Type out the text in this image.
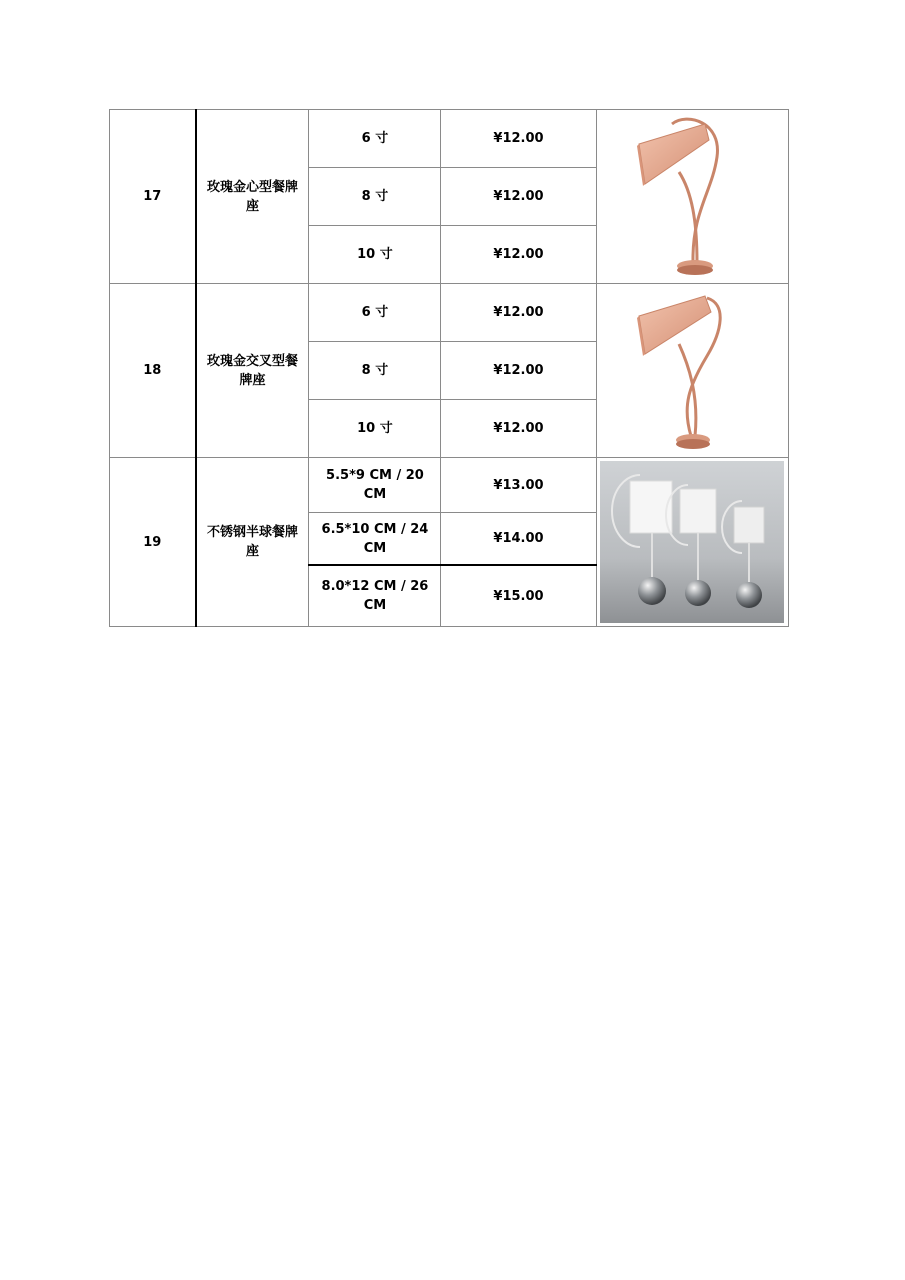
17	玫瑰金心型餐牌座	6 寸	¥12.00	

		8 寸	¥12.00	
		10 寸	¥12.00	
18	玫瑰金交叉型餐牌座	6 寸	¥12.00	

		8 寸	¥12.00	
		10 寸	¥12.00	
19	不锈钢半球餐牌座	5.5*9 CM / 20 CM	¥13.00	

		6.5*10 CM / 24 CM	¥14.00	
		8.0*12 CM / 26 CM	¥15.00	
